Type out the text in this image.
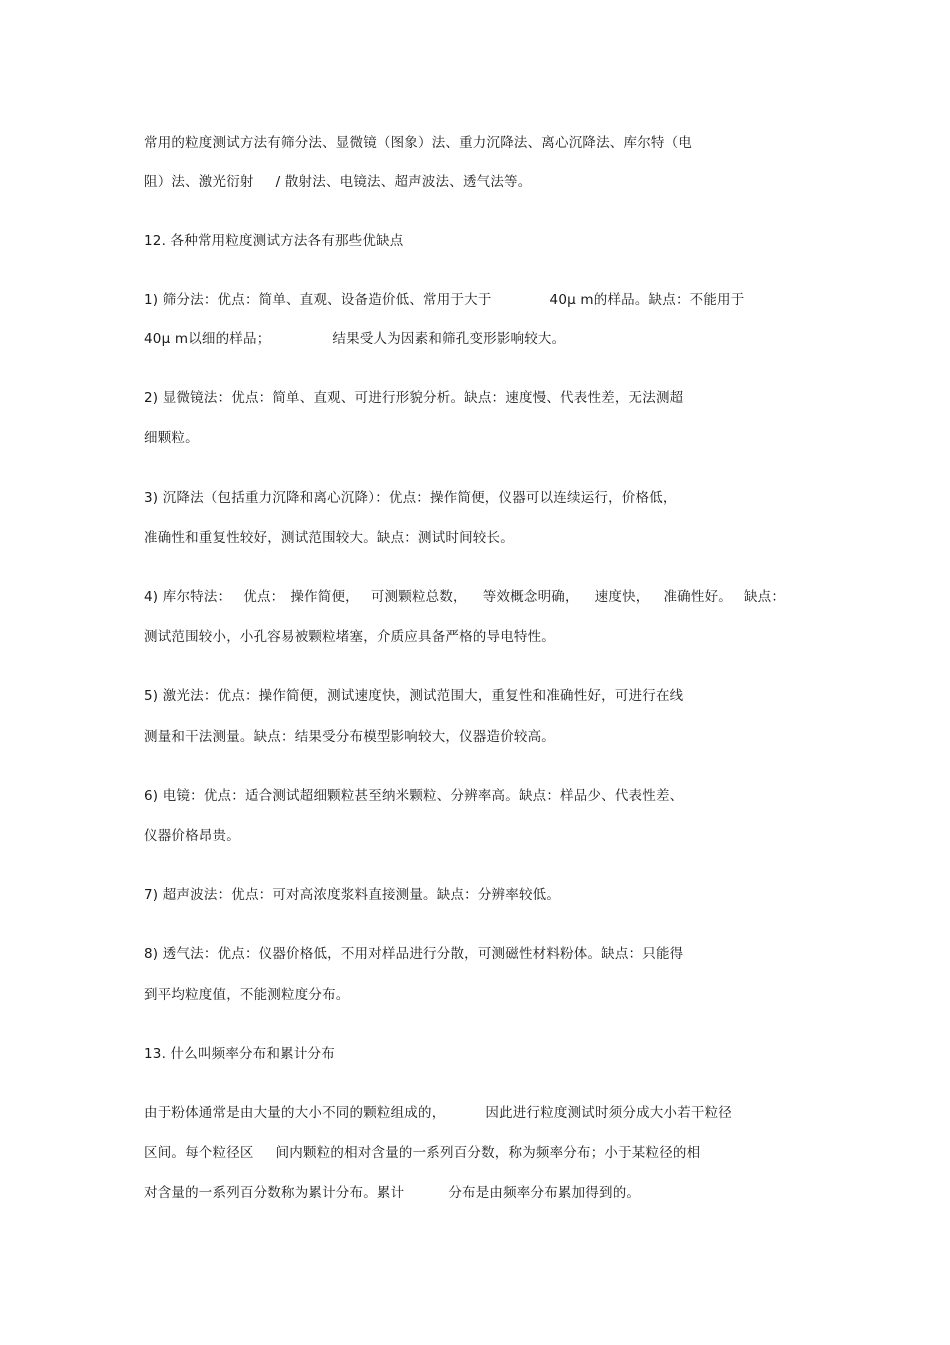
常用的粒度测试方法有筛分法、显微镜（图象）法、重力沉降法、离心沉降法、库尔特（电
阻）法、激光衍射 / 散射法、电镜法、超声波法、透气法等。
12. 各种常用粒度测试方法各有那些优缺点
1) 筛分法：优点：简单、直观、设备造价低、常用于大于	40μ m的样品。缺点：不能用于
40μ m以细的样品；	结果受人为因素和筛孔变形影响较大。
2) 显微镜法：优点：简单、直观、可进行形貌分析。缺点：速度慢、代表性差，无法测超
细颗粒。
3) 沉降法（包括重力沉降和离心沉降）：优点：操作简便，仪器可以连续运行，价格低，
准确性和重复性较好，测试范围较大。缺点：测试时间较长。
4) 库尔特法： 优点： 操作简便， 可测颗粒总数， 等效概念明确， 速度快， 准确性好。 缺点：
测试范围较小，小孔容易被颗粒堵塞，介质应具备严格的导电特性。
5) 激光法：优点：操作简便，测试速度快，测试范围大，重复性和准确性好，可进行在线
测量和干法测量。缺点：结果受分布模型影响较大，仪器造价较高。
6) 电镜：优点：适合测试超细颗粒甚至纳米颗粒、分辨率高。缺点：样品少、代表性差、
仪器价格昂贵。
7) 超声波法：优点：可对高浓度浆料直接测量。缺点：分辨率较低。
8) 透气法：优点：仪器价格低，不用对样品进行分散，可测磁性材料粉体。缺点：只能得
到平均粒度值，不能测粒度分布。
13. 什么叫频率分布和累计分布
由于粉体通常是由大量的大小不同的颗粒组成的，	因此进行粒度测试时须分成大小若干粒径
区间。每个粒径区 间内颗粒的相对含量的一系列百分数，称为频率分布；小于某粒径的相
对含量的一系列百分数称为累计分布。累计	分布是由频率分布累加得到的。
